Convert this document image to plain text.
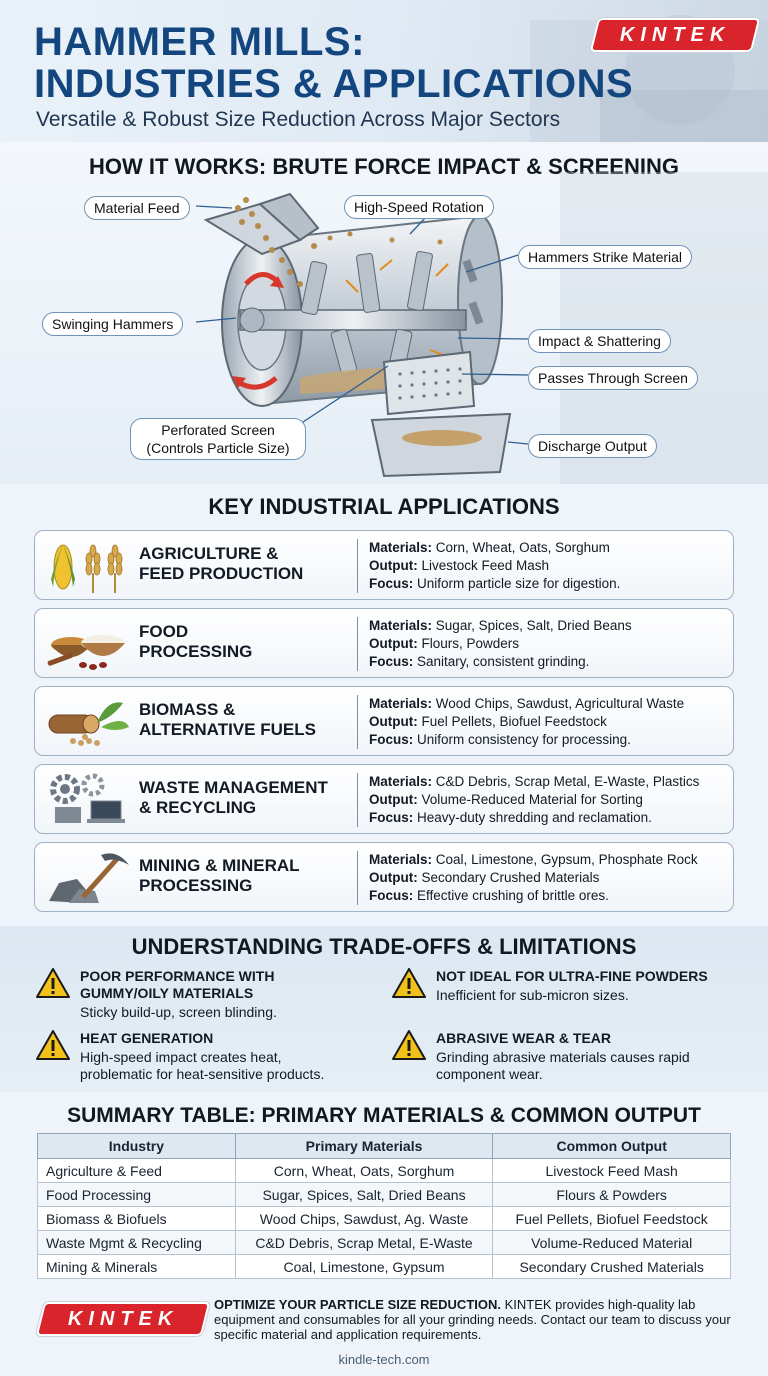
HAMMER MILLS:
INDUSTRIES & APPLICATIONS
Versatile & Robust Size Reduction Across Major Sectors
KINTEK
HOW IT WORKS: BRUTE FORCE IMPACT & SCREENING
Material Feed	High-Speed Rotation
Hammers Strike Material
Swinging Hammers
Impact & Shattering
Passes Through Screen
Perforated Screen
(Controls Particle Size)	Discharge Output
KEY INDUSTRIAL APPLICATIONS
AGRICULTURE &
FEED PRODUCTION
Materials: Corn, Wheat, Oats, Sorghum
Output: Livestock Feed Mash
Focus: Uniform particle size for digestion.
FOOD
PROCESSING
Materials: Sugar, Spices, Salt, Dried Beans
Output: Flours, Powders
Focus: Sanitary, consistent grinding.
BIOMASS &
ALTERNATIVE FUELS
Materials: Wood Chips, Sawdust, Agricultural Waste
Output: Fuel Pellets, Biofuel Feedstock
Focus: Uniform consistency for processing.
WASTE MANAGEMENT
& RECYCLING
Materials: C&D Debris, Scrap Metal, E-Waste, Plastics
Output: Volume-Reduced Material for Sorting
Focus: Heavy-duty shredding and reclamation.
MINING & MINERAL
PROCESSING
Materials: Coal, Limestone, Gypsum, Phosphate Rock
Output: Secondary Crushed Materials
Focus: Effective crushing of brittle ores.
UNDERSTANDING TRADE-OFFS & LIMITATIONS
POOR PERFORMANCE WITH
GUMMY/OILY MATERIALS
Sticky build-up, screen blinding.
NOT IDEAL FOR ULTRA-FINE POWDERS
Inefficient for sub-micron sizes.
HEAT GENERATION
High-speed impact creates heat,
problematic for heat-sensitive products.
ABRASIVE WEAR & TEAR
Grinding abrasive materials causes rapid
component wear.
SUMMARY TABLE: PRIMARY MATERIALS & COMMON OUTPUT
Industry	Primary Materials	Common Output
Agriculture & Feed	Corn, Wheat, Oats, Sorghum	Livestock Feed Mash
Food Processing	Sugar, Spices, Salt, Dried Beans	Flours & Powders
Biomass & Biofuels	Wood Chips, Sawdust, Ag. Waste	Fuel Pellets, Biofuel Feedstock
Waste Mgmt & Recycling	C&D Debris, Scrap Metal, E-Waste	Volume-Reduced Material
Mining & Minerals	Coal, Limestone, Gypsum	Secondary Crushed Materials
KINTEK
OPTIMIZE YOUR PARTICLE SIZE REDUCTION. KINTEK provides high-quality lab equipment and consumables for all your grinding needs. Contact our team to discuss your specific material and application requirements.
kindle-tech.com
